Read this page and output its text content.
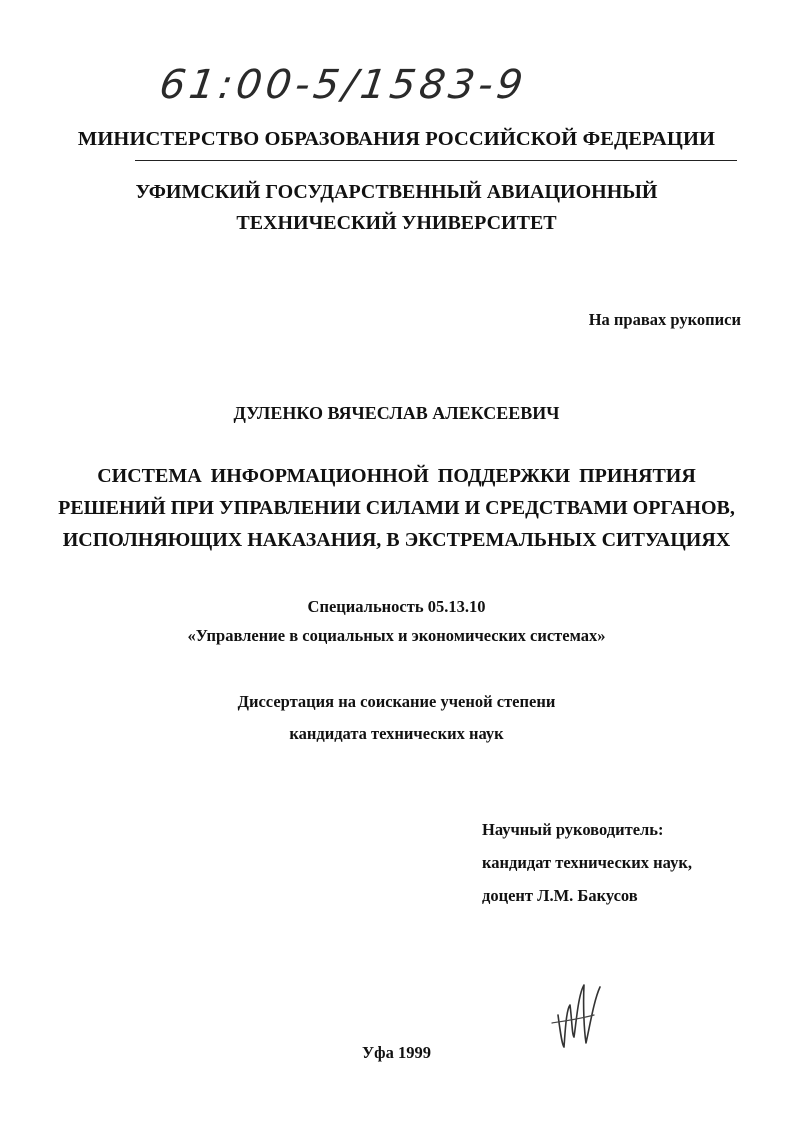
61:00-5/1583-9
МИНИСТЕРСТВО ОБРАЗОВАНИЯ РОССИЙСКОЙ ФЕДЕРАЦИИ
УФИМСКИЙ ГОСУДАРСТВЕННЫЙ АВИАЦИОННЫЙ
ТЕХНИЧЕСКИЙ УНИВЕРСИТЕТ
На правах рукописи
ДУЛЕНКО ВЯЧЕСЛАВ АЛЕКСЕЕВИЧ
СИСТЕМА ИНФОРМАЦИОННОЙ ПОДДЕРЖКИ ПРИНЯТИЯ
РЕШЕНИЙ ПРИ УПРАВЛЕНИИ СИЛАМИ И СРЕДСТВАМИ ОРГАНОВ,
ИСПОЛНЯЮЩИХ НАКАЗАНИЯ, В ЭКСТРЕМАЛЬНЫХ СИТУАЦИЯХ
Специальность 05.13.10
«Управление в социальных и экономических системах»
Диссертация на соискание ученой степени
кандидата технических наук
Научный руководитель:
кандидат технических наук,
доцент Л.М. Бакусов
Уфа 1999
